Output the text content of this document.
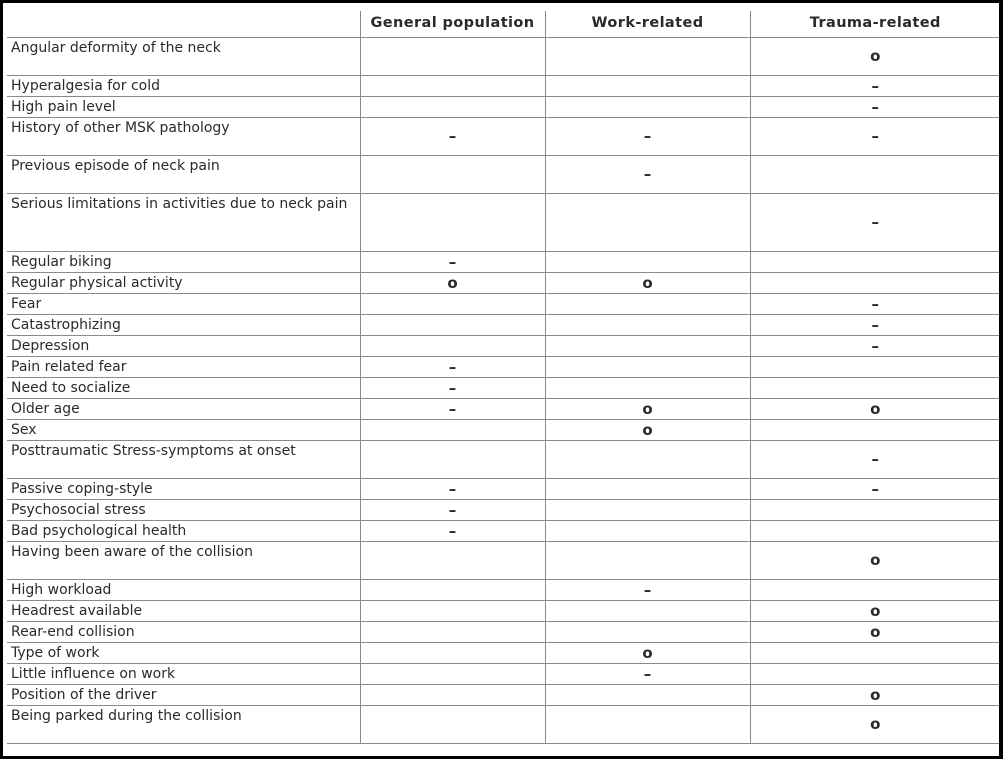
	General population	Work-related	Trauma-related
Angular deformity of the neck			o
Hyperalgesia for cold			–
High pain level			–
History of other MSK pathology	–	–	–
Previous episode of neck pain		–	
Serious limitations in activities due to neck pain			–
Regular biking	–		
Regular physical activity	o	o	
Fear			–
Catastrophizing			–
Depression			–
Pain related fear	–		
Need to socialize	–		
Older age	–	o	o
Sex		o	
Posttraumatic Stress-symptoms at onset			–
Passive coping-style	–		–
Psychosocial stress	–		
Bad psychological health	–		
Having been aware of the collision			o
High workload		–	
Headrest available			o
Rear-end collision			o
Type of work		o	
Little influence on work		–	
Position of the driver			o
Being parked during the collision			o
